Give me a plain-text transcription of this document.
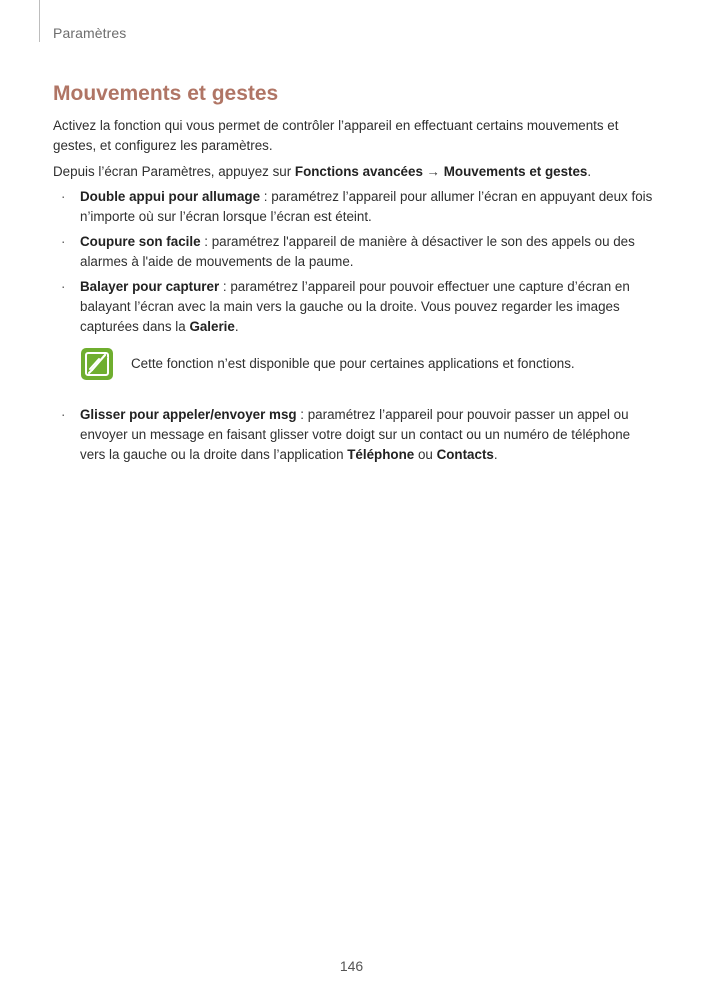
Paramètres
Mouvements et gestes

Activez la fonction qui vous permet de contrôler l’appareil en effectuant certains mouvements et gestes, et configurez les paramètres.

Depuis l’écran Paramètres, appuyez sur Fonctions avancées → Mouvements et gestes.

· Double appui pour allumage : paramétrez l’appareil pour allumer l’écran en appuyant deux fois n’importe où sur l’écran lorsque l’écran est éteint.
· Coupure son facile : paramétrez l'appareil de manière à désactiver le son des appels ou des alarmes à l'aide de mouvements de la paume.
· Balayer pour capturer : paramétrez l’appareil pour pouvoir effectuer une capture d’écran en balayant l’écran avec la main vers la gauche ou la droite. Vous pouvez regarder les images capturées dans la Galerie.
Cette fonction n’est disponible que pour certaines applications et fonctions.
· Glisser pour appeler/envoyer msg : paramétrez l’appareil pour pouvoir passer un appel ou envoyer un message en faisant glisser votre doigt sur un contact ou un numéro de téléphone vers la gauche ou la droite dans l’application Téléphone ou Contacts.
146
